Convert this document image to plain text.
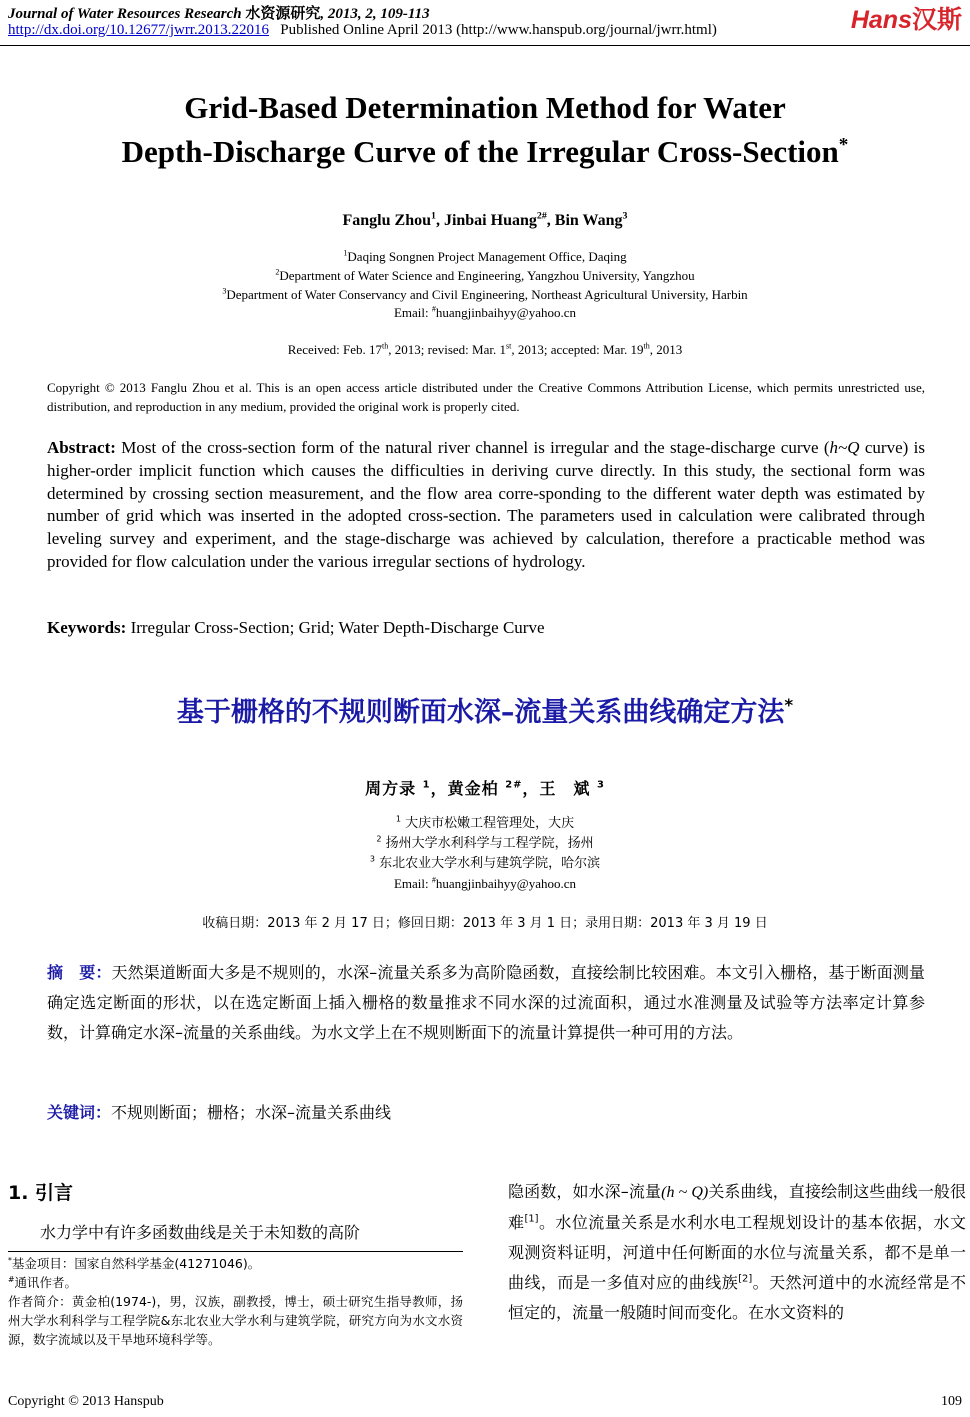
Journal of Water Resources Research 水资源研究, 2013, 2, 109-113
http://dx.doi.org/10.12677/jwrr.2013.22016 Published Online April 2013 (http://www.hanspub.org/journal/jwrr.html)	Hans汉斯
Grid-Based Determination Method for Water
Depth-Discharge Curve of the Irregular Cross-Section*
Fanglu Zhou$^1$, Jinbai Huang$^{2\#}$, Bin Wang$^3$
$^1$Daqing Songnen Project Management Office, Daqing
$^2$Department of Water Science and Engineering, Yangzhou University, Yangzhou
$^3$Department of Water Conservancy and Civil Engineering, Northeast Agricultural University, Harbin
Email: #huangjinbaihyy@yahoo.cn
Received: Feb. 17th, 2013; revised: Mar. 1st, 2013; accepted: Mar. 19th, 2013
Copyright © 2013 Fanglu Zhou et al. This is an open access article distributed under the Creative Commons Attribution License, which permits unrestricted use, distribution, and reproduction in any medium, provided the original work is properly cited.
Abstract: Most of the cross-section form of the natural river channel is irregular and the stage-discharge curve (h~Q curve) is higher-order implicit function which causes the difficulties in deriving curve directly. In this study, the sectional form was determined by crossing section measurement, and the flow area corre-sponding to the different water depth was estimated by number of grid which was inserted in the adopted cross-section. The parameters used in calculation were calibrated through leveling survey and experiment, and the stage-discharge was achieved by calculation, therefore a practicable method was provided for flow calculation under the various irregular sections of hydrology.
Keywords: Irregular Cross-Section; Grid; Water Depth-Discharge Curve
基于栅格的不规则断面水深–流量关系曲线确定方法*
周方录 $^1$，黄金柏 $^{2\#}$，王　斌 $^3$
$^1$ 大庆市松嫩工程管理处，大庆
$^2$ 扬州大学水利科学与工程学院，扬州
$^3$ 东北农业大学水利与建筑学院，哈尔滨
Email: #huangjinbaihyy@yahoo.cn
收稿日期：2013 年 2 月 17 日；修回日期：2013 年 3 月 1 日；录用日期：2013 年 3 月 19 日
摘　要：天然渠道断面大多是不规则的，水深–流量关系多为高阶隐函数，直接绘制比较困难。本文引入栅格，基于断面测量确定选定断面的形状，以在选定断面上插入栅格的数量推求不同水深的过流面积，通过水准测量及试验等方法率定计算参数，计算确定水深–流量的关系曲线。为水文学上在不规则断面下的流量计算提供一种可用的方法。
关键词：不规则断面；栅格；水深–流量关系曲线
1. 引言
水力学中有许多函数曲线是关于未知数的高阶
*基金项目：国家自然科学基金(41271046)。
#通讯作者。
作者简介：黄金柏(1974-)，男，汉族，副教授，博士，硕士研究生指导教师，扬州大学水利科学与工程学院&东北农业大学水利与建筑学院，研究方向为水文水资源，数字流域以及干旱地环境科学等。
隐函数，如水深–流量(h ~ Q)关系曲线，直接绘制这些曲线一般很难[1]。水位流量关系是水利水电工程规划设计的基本依据，水文观测资料证明，河道中任何断面的水位与流量关系，都不是单一曲线，而是一多值对应的曲线族[2]。天然河道中的水流经常是不恒定的，流量一般随时间而变化。在水文资料的
Copyright © 2013 Hanspub	109
